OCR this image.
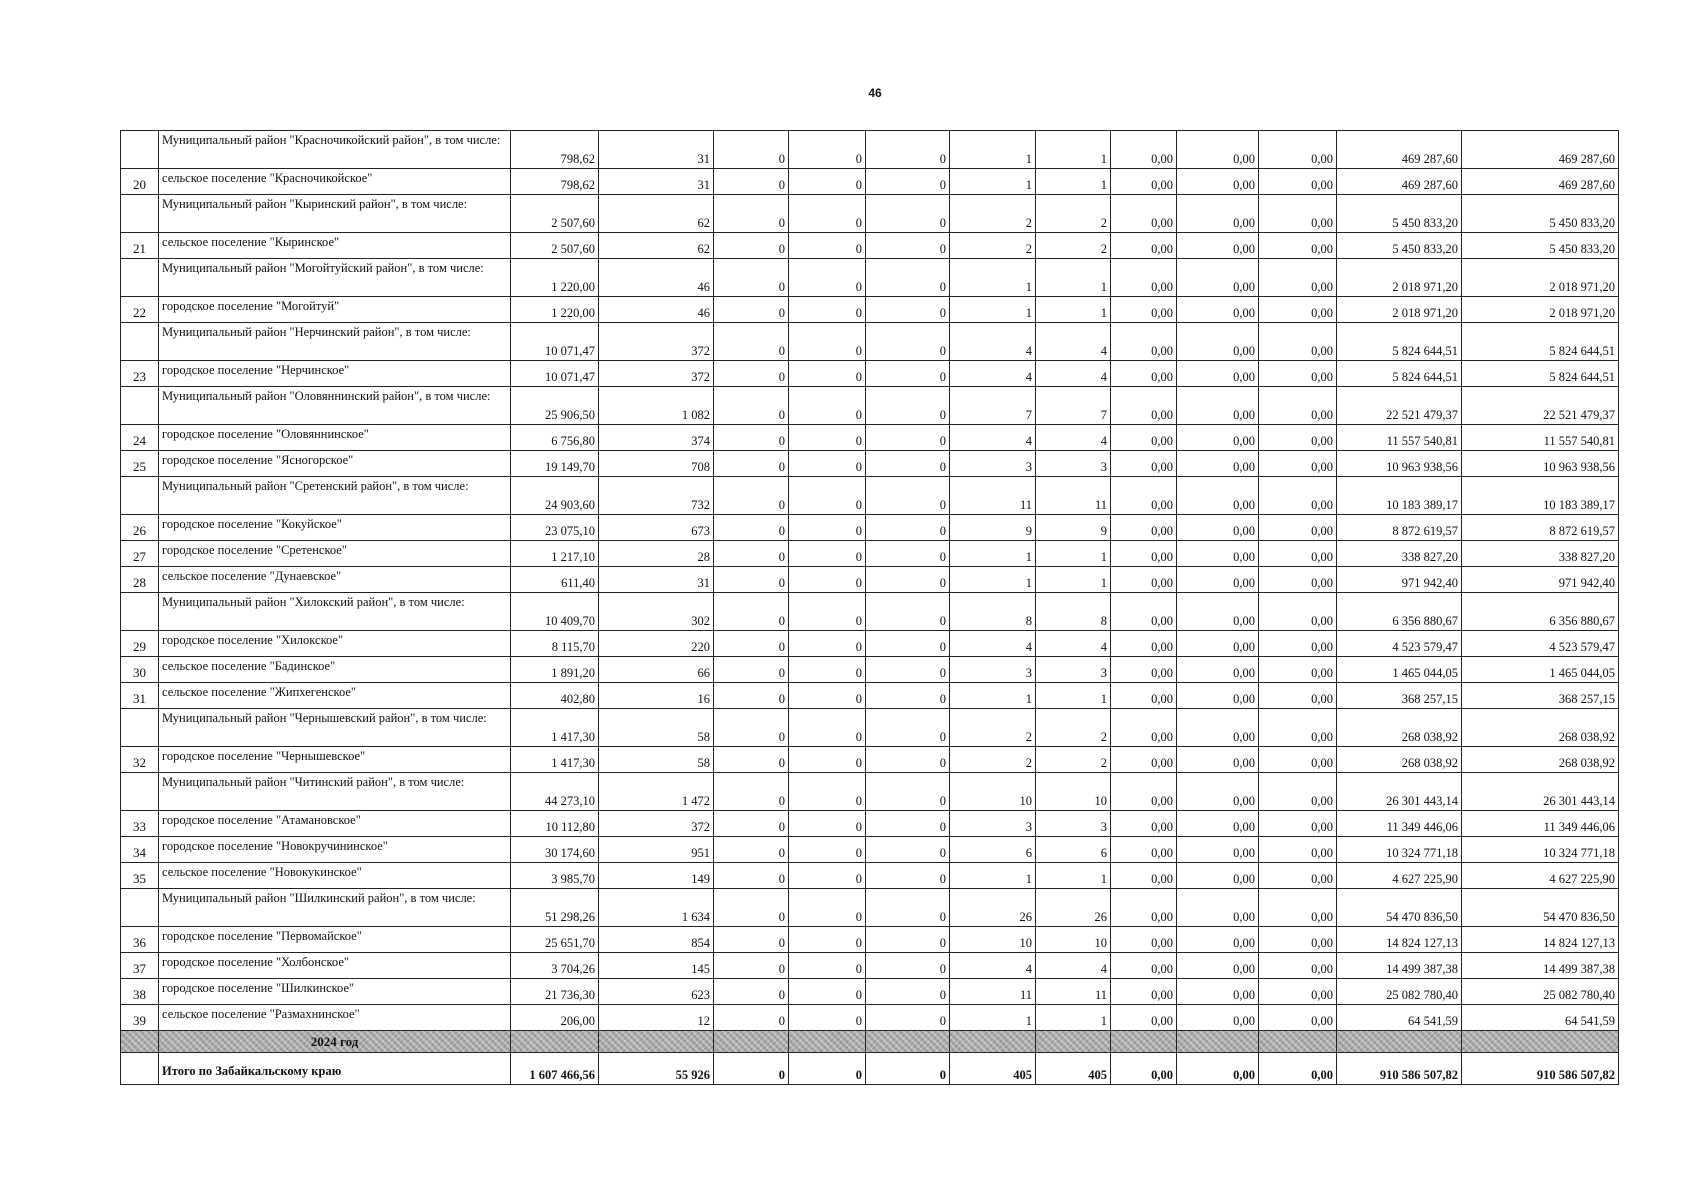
46
	Муниципальный район "Красночикойский район", в том числе:	798,62	31	0	0	0	1	1	0,00	0,00	0,00	469 287,60	469 287,60
20	сельское поселение "Красночикойское"	798,62	31	0	0	0	1	1	0,00	0,00	0,00	469 287,60	469 287,60
	Муниципальный район "Кыринский район", в том числе:	2 507,60	62	0	0	0	2	2	0,00	0,00	0,00	5 450 833,20	5 450 833,20
21	сельское поселение "Кыринское"	2 507,60	62	0	0	0	2	2	0,00	0,00	0,00	5 450 833,20	5 450 833,20
	Муниципальный район "Могойтуйский район", в том числе:	1 220,00	46	0	0	0	1	1	0,00	0,00	0,00	2 018 971,20	2 018 971,20
22	городское поселение "Могойтуй"	1 220,00	46	0	0	0	1	1	0,00	0,00	0,00	2 018 971,20	2 018 971,20
	Муниципальный район "Нерчинский район", в том числе:	10 071,47	372	0	0	0	4	4	0,00	0,00	0,00	5 824 644,51	5 824 644,51
23	городское поселение "Нерчинское"	10 071,47	372	0	0	0	4	4	0,00	0,00	0,00	5 824 644,51	5 824 644,51
	Муниципальный район "Оловяннинский район", в том числе:	25 906,50	1 082	0	0	0	7	7	0,00	0,00	0,00	22 521 479,37	22 521 479,37
24	городское поселение "Оловяннинское"	6 756,80	374	0	0	0	4	4	0,00	0,00	0,00	11 557 540,81	11 557 540,81
25	городское поселение "Ясногорское"	19 149,70	708	0	0	0	3	3	0,00	0,00	0,00	10 963 938,56	10 963 938,56
	Муниципальный район "Сретенский район", в том числе:	24 903,60	732	0	0	0	11	11	0,00	0,00	0,00	10 183 389,17	10 183 389,17
26	городское поселение "Кокуйское"	23 075,10	673	0	0	0	9	9	0,00	0,00	0,00	8 872 619,57	8 872 619,57
27	городское поселение "Сретенское"	1 217,10	28	0	0	0	1	1	0,00	0,00	0,00	338 827,20	338 827,20
28	сельское поселение "Дунаевское"	611,40	31	0	0	0	1	1	0,00	0,00	0,00	971 942,40	971 942,40
	Муниципальный район "Хилокский район", в том числе:	10 409,70	302	0	0	0	8	8	0,00	0,00	0,00	6 356 880,67	6 356 880,67
29	городское поселение "Хилокское"	8 115,70	220	0	0	0	4	4	0,00	0,00	0,00	4 523 579,47	4 523 579,47
30	сельское поселение "Бадинское"	1 891,20	66	0	0	0	3	3	0,00	0,00	0,00	1 465 044,05	1 465 044,05
31	сельское поселение "Жипхегенское"	402,80	16	0	0	0	1	1	0,00	0,00	0,00	368 257,15	368 257,15
	Муниципальный район "Чернышевский район", в том числе:	1 417,30	58	0	0	0	2	2	0,00	0,00	0,00	268 038,92	268 038,92
32	городское поселение "Чернышевское"	1 417,30	58	0	0	0	2	2	0,00	0,00	0,00	268 038,92	268 038,92
	Муниципальный район "Читинский район", в том числе:	44 273,10	1 472	0	0	0	10	10	0,00	0,00	0,00	26 301 443,14	26 301 443,14
33	городское поселение "Атамановское"	10 112,80	372	0	0	0	3	3	0,00	0,00	0,00	11 349 446,06	11 349 446,06
34	городское поселение "Новокручининское"	30 174,60	951	0	0	0	6	6	0,00	0,00	0,00	10 324 771,18	10 324 771,18
35	сельское поселение "Новокукинское"	3 985,70	149	0	0	0	1	1	0,00	0,00	0,00	4 627 225,90	4 627 225,90
	Муниципальный район "Шилкинский район", в том числе:	51 298,26	1 634	0	0	0	26	26	0,00	0,00	0,00	54 470 836,50	54 470 836,50
36	городское поселение "Первомайское"	25 651,70	854	0	0	0	10	10	0,00	0,00	0,00	14 824 127,13	14 824 127,13
37	городское поселение "Холбонское"	3 704,26	145	0	0	0	4	4	0,00	0,00	0,00	14 499 387,38	14 499 387,38
38	городское поселение "Шилкинское"	21 736,30	623	0	0	0	11	11	0,00	0,00	0,00	25 082 780,40	25 082 780,40
39	сельское поселение "Размахнинское"	206,00	12	0	0	0	1	1	0,00	0,00	0,00	64 541,59	64 541,59
	2024 год												
	Итого по Забайкальскому краю	1 607 466,56	55 926	0	0	0	405	405	0,00	0,00	0,00	910 586 507,82	910 586 507,82
